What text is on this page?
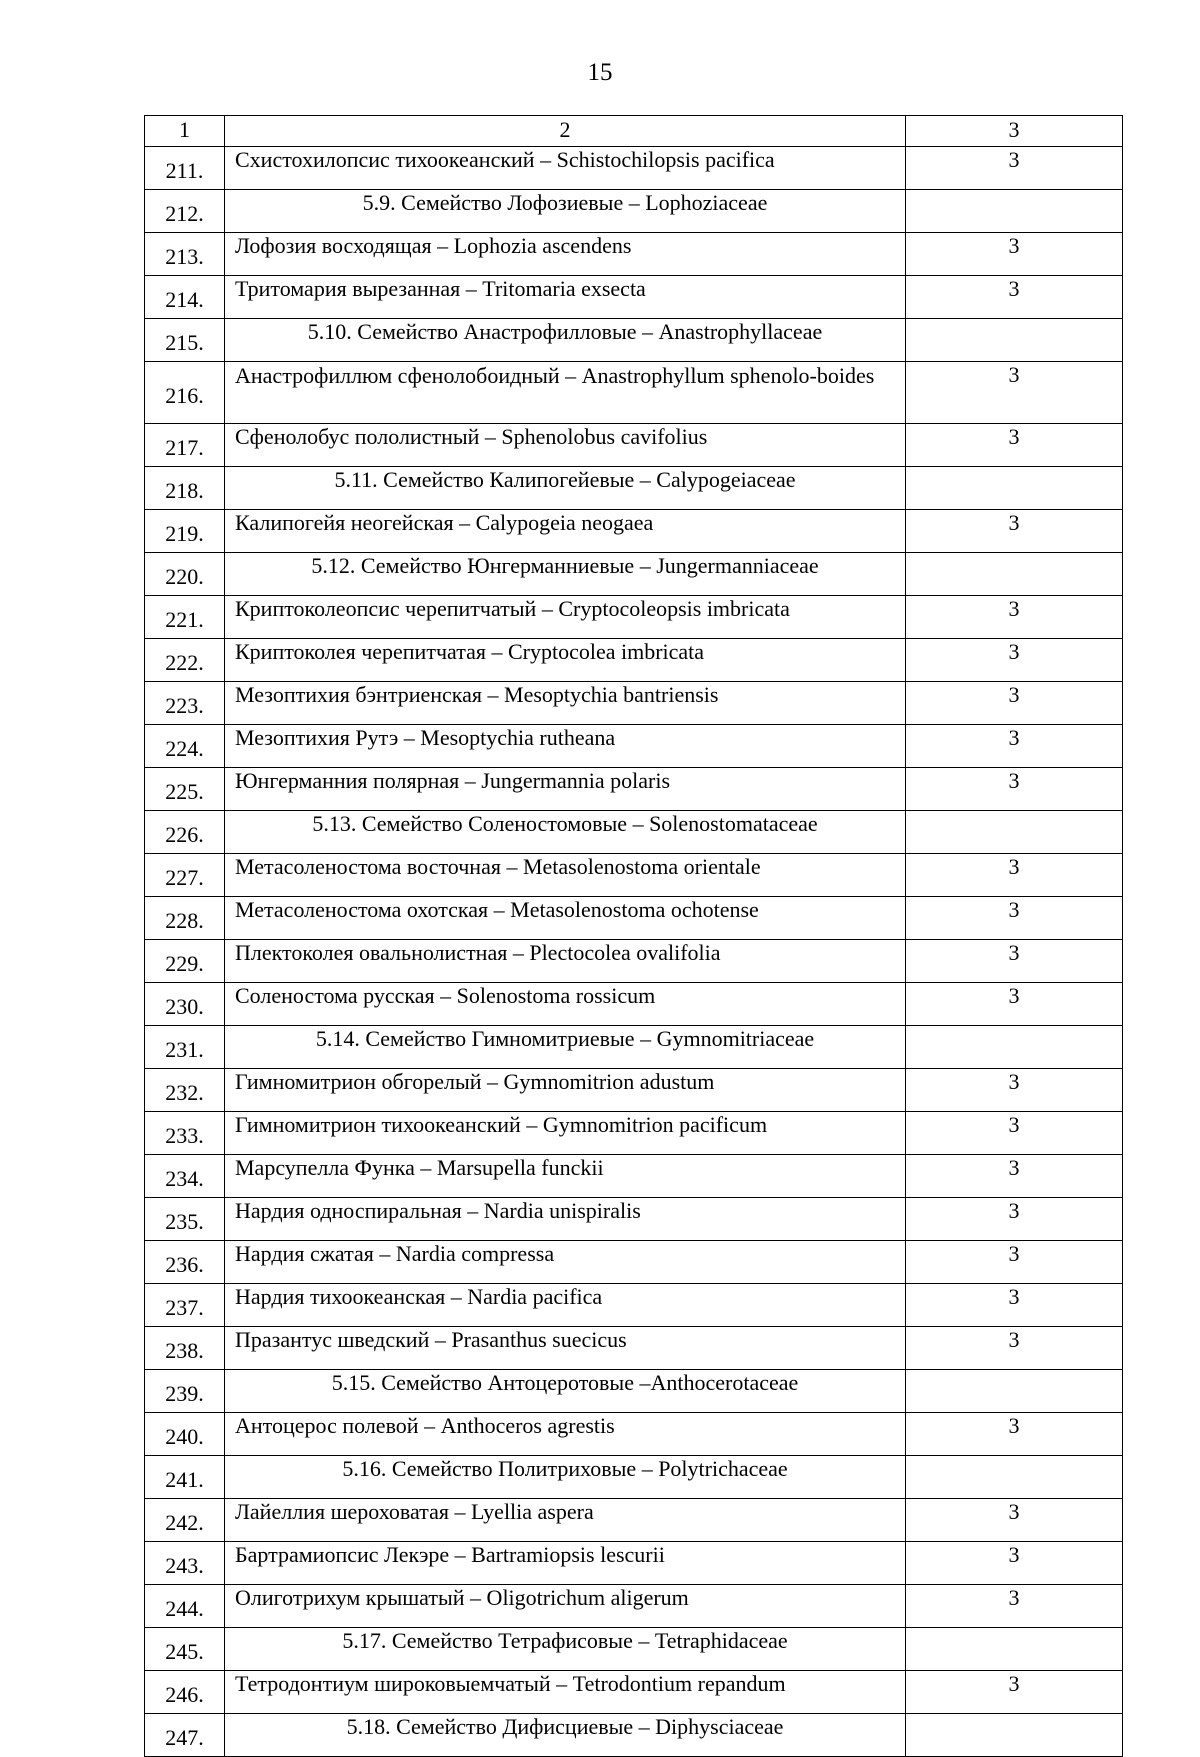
15
1	2	3
211.	Схистохилопсис тихоокеанский – Schistochilopsis pacifica	3
212.	5.9. Семейство Лофозиевые – Lophoziaceae	
213.	Лофозия восходящая – Lophozia ascendens	3
214.	Тритомария вырезанная – Tritomaria exsecta	3
215.	5.10. Семейство Анастрофилловые – Anastrophyllaceae	
216.	Анастрофиллюм сфенолобоидный – Anastrophyllum sphenolo-boides	3
217.	Сфенолобус пололистный – Sphenolobus cavifolius	3
218.	5.11. Семейство Калипогейевые – Calypogeiaceae	
219.	Калипогейя неогейская – Calypogeia neogaea	3
220.	5.12. Семейство Юнгерманниевые – Jungermanniaceae	
221.	Криптоколеопсис черепитчатый – Cryptocoleopsis imbricata	3
222.	Криптоколея черепитчатая – Cryptocolea imbricata	3
223.	Мезоптихия бэнтриенская – Mesoptychia bantriensis	3
224.	Мезоптихия Рутэ – Mesoptychia rutheana	3
225.	Юнгерманния полярная – Jungermannia polaris	3
226.	5.13. Семейство Соленостомовые – Solenostomataceae	
227.	Метасоленостома восточная – Metasolenostoma orientale	3
228.	Метасоленостома охотская – Metasolenostoma ochotense	3
229.	Плектоколея овальнолистная – Plectocolea ovalifolia	3
230.	Соленостома русская – Solenostoma rossicum	3
231.	5.14. Семейство Гимномитриевые – Gymnomitriaceae	
232.	Гимномитрион обгорелый – Gymnomitrion adustum	3
233.	Гимномитрион тихоокеанский – Gymnomitrion pacificum	3
234.	Марсупелла Функа – Marsupella funckii	3
235.	Нардия односпиральная – Nardia unispiralis	3
236.	Нардия сжатая – Nardia compressa	3
237.	Нардия тихоокеанская – Nardia pacifica	3
238.	Празантус шведский – Prasanthus suecicus	3
239.	5.15. Семейство Антоцеротовые –Anthocerotaceae	
240.	Антоцерос полевой – Anthoceros agrestis	3
241.	5.16. Семейство Политриховые – Polytrichaceae	
242.	Лайеллия шероховатая – Lyellia aspera	3
243.	Бартрамиопсис Лекэре – Bartramiopsis lescurii	3
244.	Олиготрихум крышатый – Oligotrichum aligerum	3
245.	5.17. Семейство Тетрафисовые – Tetraphidaceae	
246.	Тетродонтиум широковыемчатый – Tetrodontium repandum	3
247.	5.18. Семейство Дифисциевые – Diphysciaceae	
